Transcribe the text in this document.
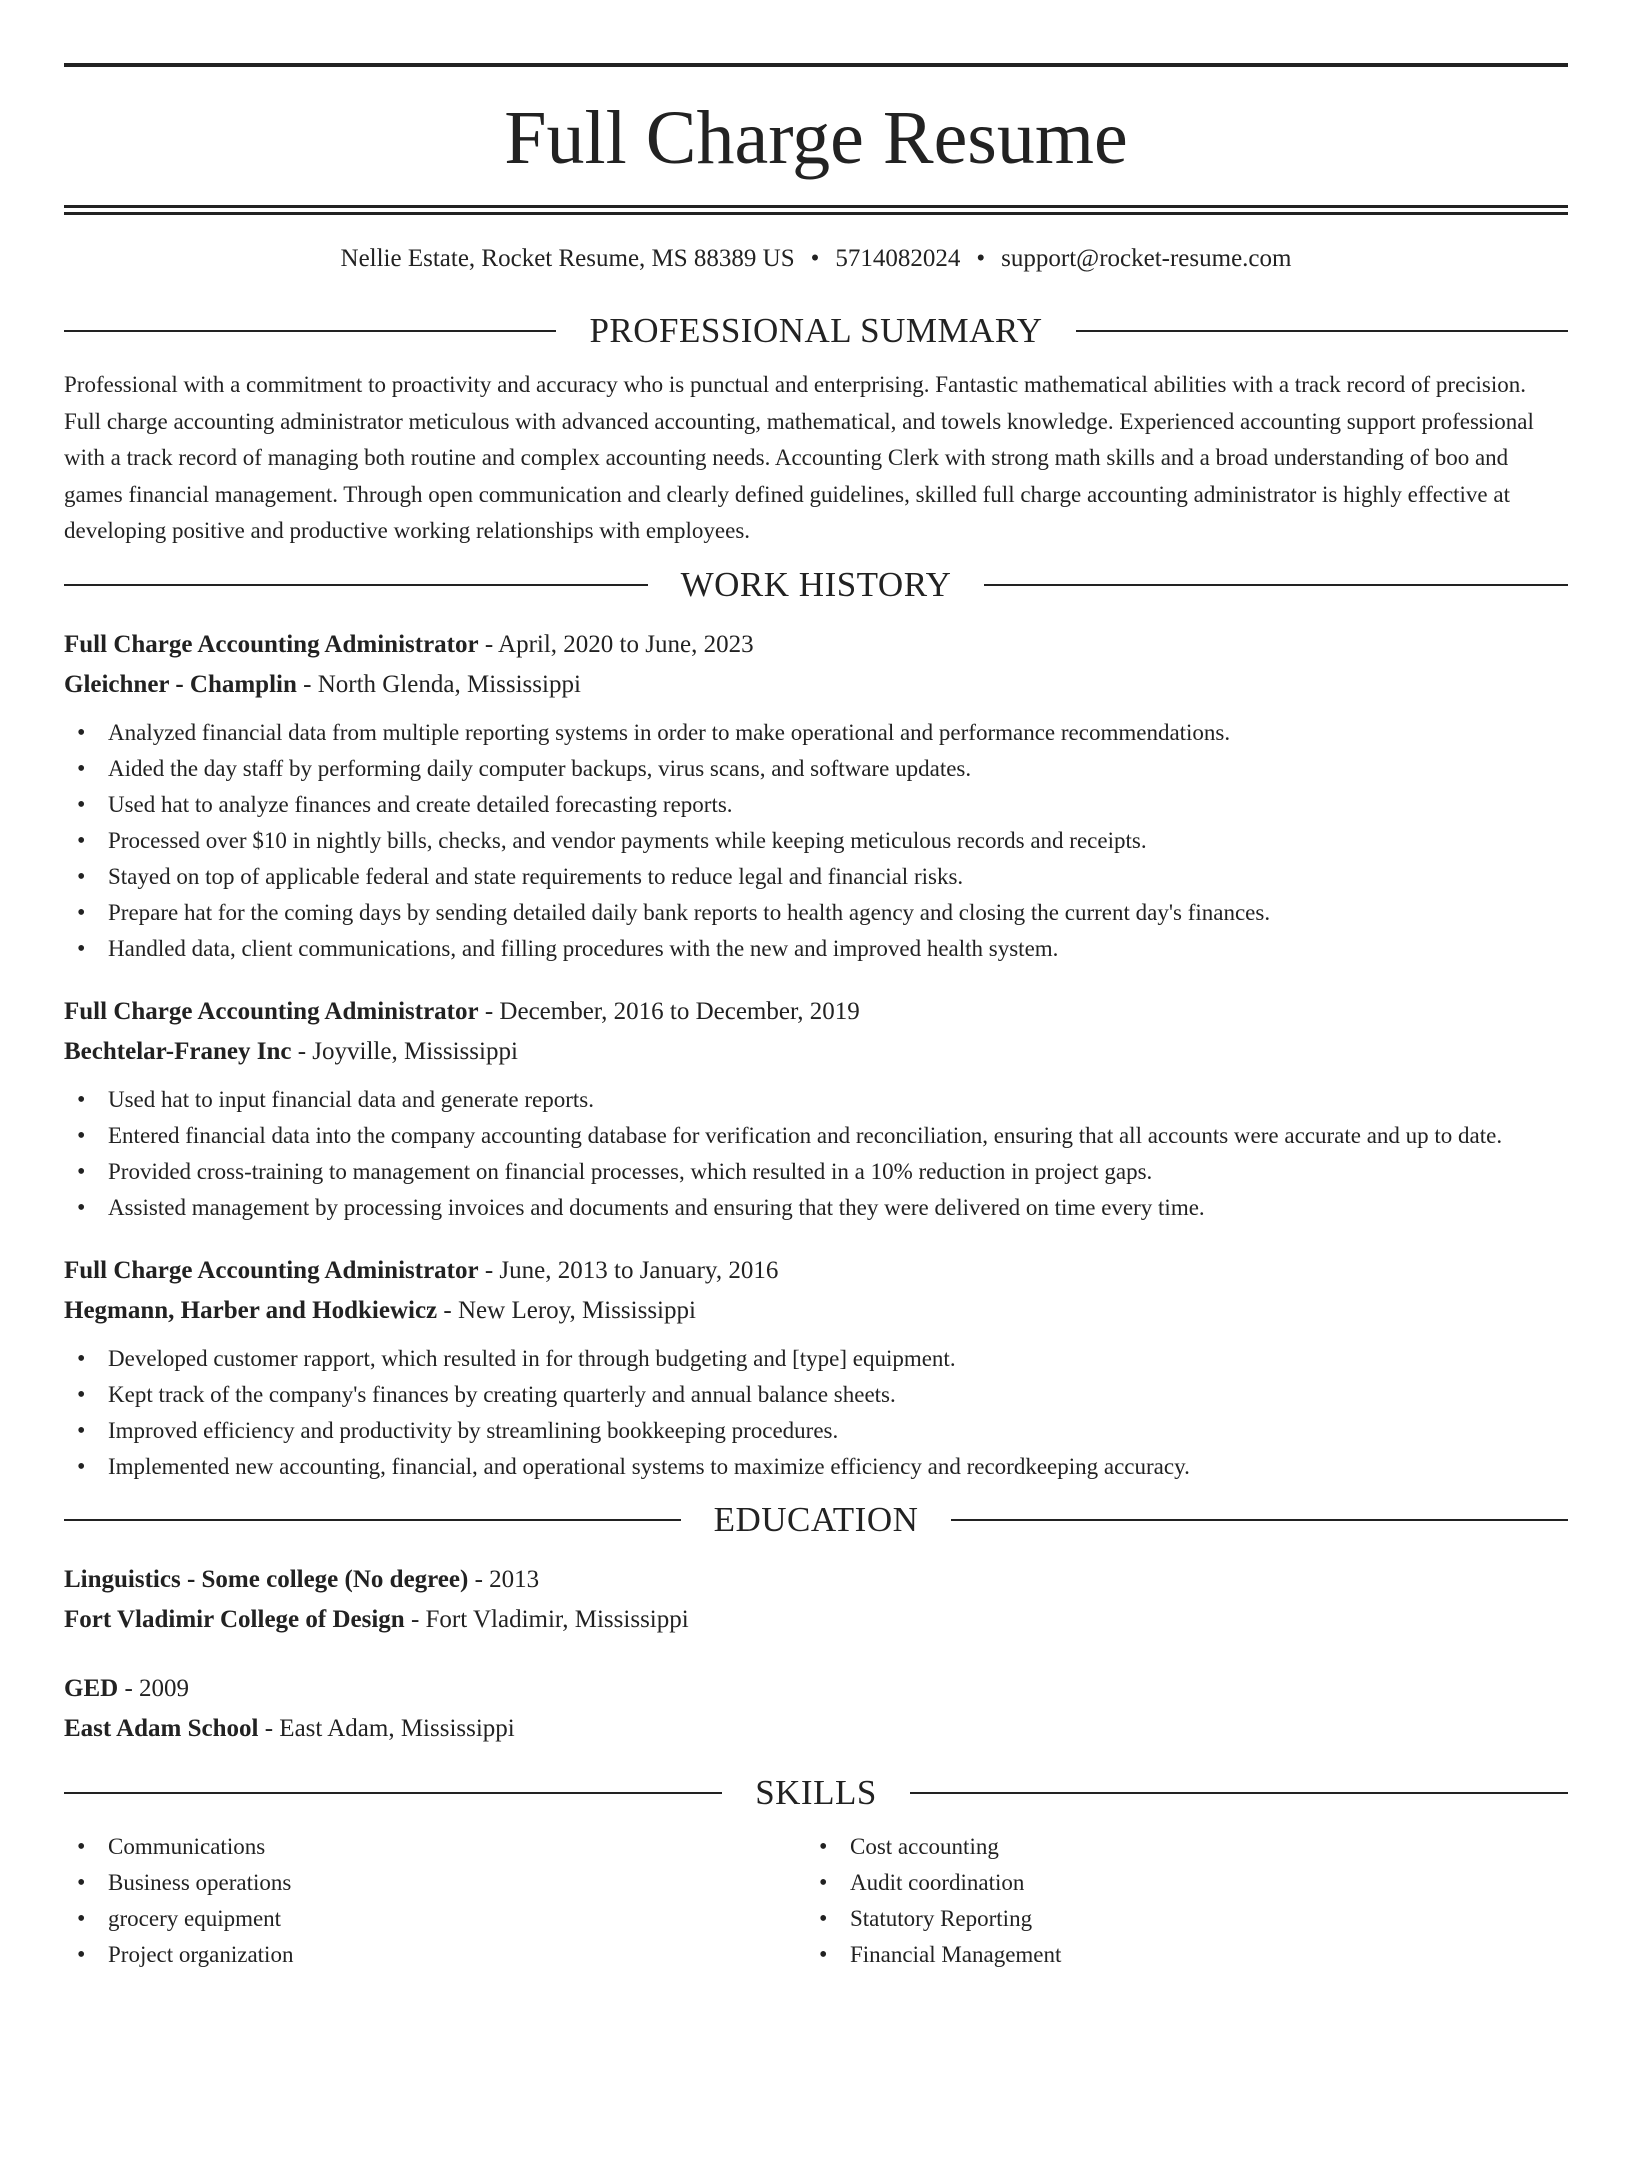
Full Charge Resume
Nellie Estate, Rocket Resume, MS 88389 US • 5714082024 • support@rocket-resume.com
PROFESSIONAL SUMMARY

Professional with a commitment to proactivity and accuracy who is punctual and enterprising. Fantastic mathematical abilities with a track record of precision. Full charge accounting administrator meticulous with advanced accounting, mathematical, and towels knowledge. Experienced accounting support professional with a track record of managing both routine and complex accounting needs. Accounting Clerk with strong math skills and a broad understanding of boo and games financial management. Through open communication and clearly defined guidelines, skilled full charge accounting administrator is highly effective at developing positive and productive working relationships with employees.

WORK HISTORY
Full Charge Accounting Administrator - April, 2020 to June, 2023
Gleichner - Champlin - North Glenda, Mississippi
• Analyzed financial data from multiple reporting systems in order to make operational and performance recommendations.
• Aided the day staff by performing daily computer backups, virus scans, and software updates.
• Used hat to analyze finances and create detailed forecasting reports.
• Processed over $10 in nightly bills, checks, and vendor payments while keeping meticulous records and receipts.
• Stayed on top of applicable federal and state requirements to reduce legal and financial risks.
• Prepare hat for the coming days by sending detailed daily bank reports to health agency and closing the current day's finances.
• Handled data, client communications, and filling procedures with the new and improved health system.
Full Charge Accounting Administrator - December, 2016 to December, 2019
Bechtelar-Franey Inc - Joyville, Mississippi
• Used hat to input financial data and generate reports.
• Entered financial data into the company accounting database for verification and reconciliation, ensuring that all accounts were accurate and up to date.
• Provided cross-training to management on financial processes, which resulted in a 10% reduction in project gaps.
• Assisted management by processing invoices and documents and ensuring that they were delivered on time every time.
Full Charge Accounting Administrator - June, 2013 to January, 2016
Hegmann, Harber and Hodkiewicz - New Leroy, Mississippi
• Developed customer rapport, which resulted in for through budgeting and [type] equipment.
• Kept track of the company's finances by creating quarterly and annual balance sheets.
• Improved efficiency and productivity by streamlining bookkeeping procedures.
• Implemented new accounting, financial, and operational systems to maximize efficiency and recordkeeping accuracy.
EDUCATION
Linguistics - Some college (No degree) - 2013
Fort Vladimir College of Design - Fort Vladimir, Mississippi
GED - 2009
East Adam School - East Adam, Mississippi
SKILLS
• Communications
• Business operations
• grocery equipment
• Project organization
• Cost accounting
• Audit coordination
• Statutory Reporting
• Financial Management
